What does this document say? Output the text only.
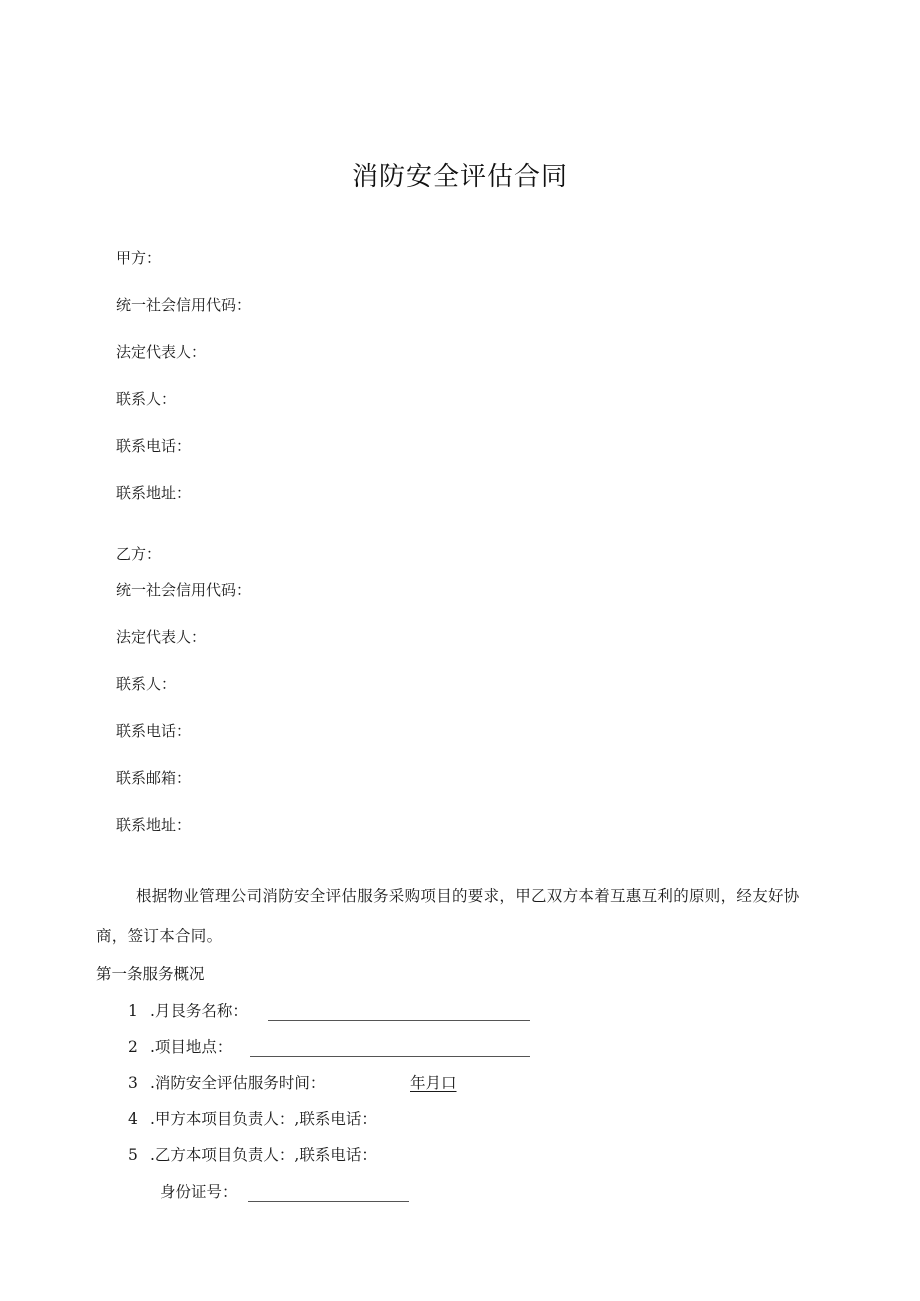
消防安全评估合同
甲方：
统一社会信用代码：
法定代表人：
联系人：
联系电话：
联系地址：
乙方：
统一社会信用代码：
法定代表人：
联系人：
联系电话：
联系邮箱：
联系地址：
根据物业管理公司消防安全评估服务采购项目的要求，甲乙双方本着互惠互利的原则，经友好协商，签订本合同。
第一条服务概况
1 .月艮务名称：
2 .项目地点：
3 .消防安全评估服务时间：	年月口
4 .甲方本项目负责人：,联系电话：
5 .乙方本项目负责人：,联系电话：
身份证号：
